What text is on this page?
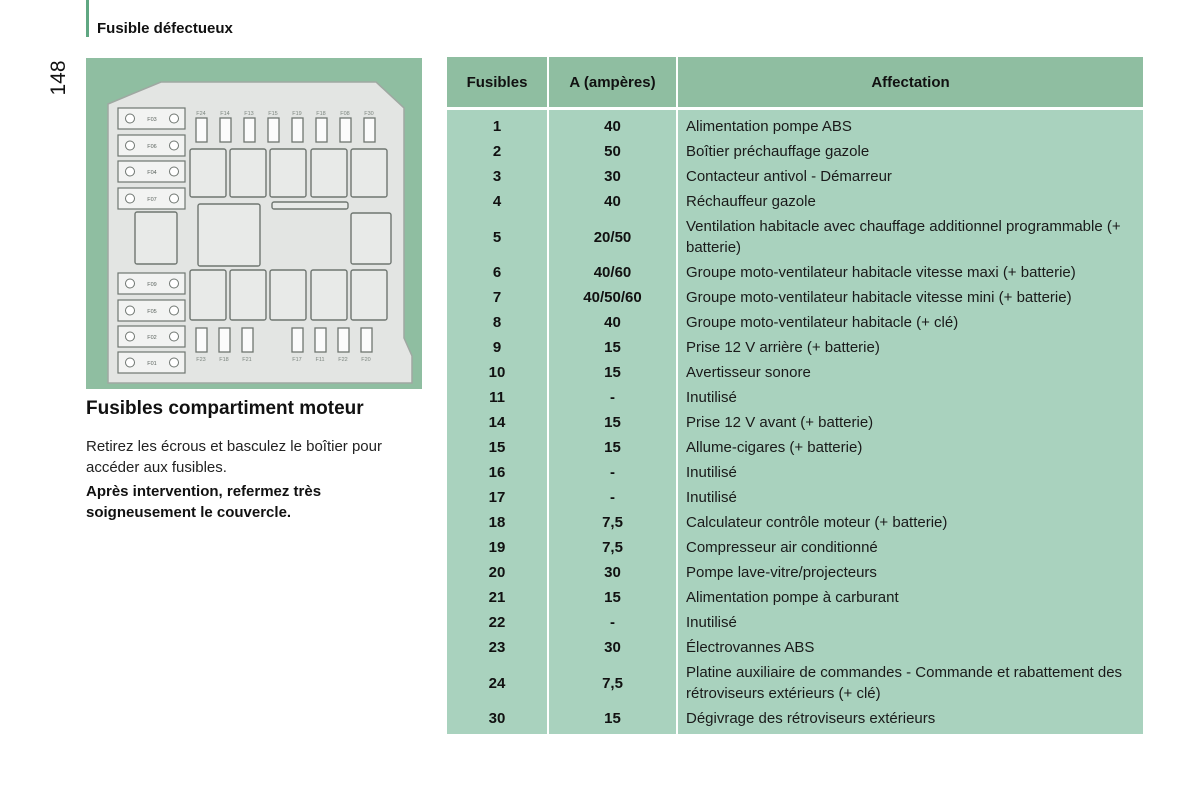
Fusible défectueux
148
F24	F14	F13	F15	F19	F18	F08	F30
F03
F06
F04
F07
F09
F05
F02
F01
F23 F18 F21	F17 F11 F22 F20
Fusibles compartiment moteur
Retirez les écrous et basculez le boîtier pour accéder aux fusibles.
Après intervention, refermez très soigneusement le couvercle.
Fusibles	A (ampères)	Affectation
1	40	Alimentation pompe ABS
2	50	Boîtier préchauffage gazole
3	30	Contacteur antivol - Démarreur
4	40	Réchauffeur gazole
5	20/50	Ventilation habitacle avec chauffage additionnel programmable (+ batterie)
6	40/60	Groupe moto-ventilateur habitacle vitesse maxi (+ batterie)
7	40/50/60	Groupe moto-ventilateur habitacle vitesse mini (+ batterie)
8	40	Groupe moto-ventilateur habitacle (+ clé)
9	15	Prise 12 V arrière (+ batterie)
10	15	Avertisseur sonore
11	-	Inutilisé
14	15	Prise 12 V avant (+ batterie)
15	15	Allume-cigares (+ batterie)
16	-	Inutilisé
17	-	Inutilisé
18	7,5	Calculateur contrôle moteur (+ batterie)
19	7,5	Compresseur air conditionné
20	30	Pompe lave-vitre/projecteurs
21	15	Alimentation pompe à carburant
22	-	Inutilisé
23	30	Électrovannes ABS
24	7,5	Platine auxiliaire de commandes - Commande et rabattement des rétroviseurs extérieurs (+ clé)
30	15	Dégivrage des rétroviseurs extérieurs
